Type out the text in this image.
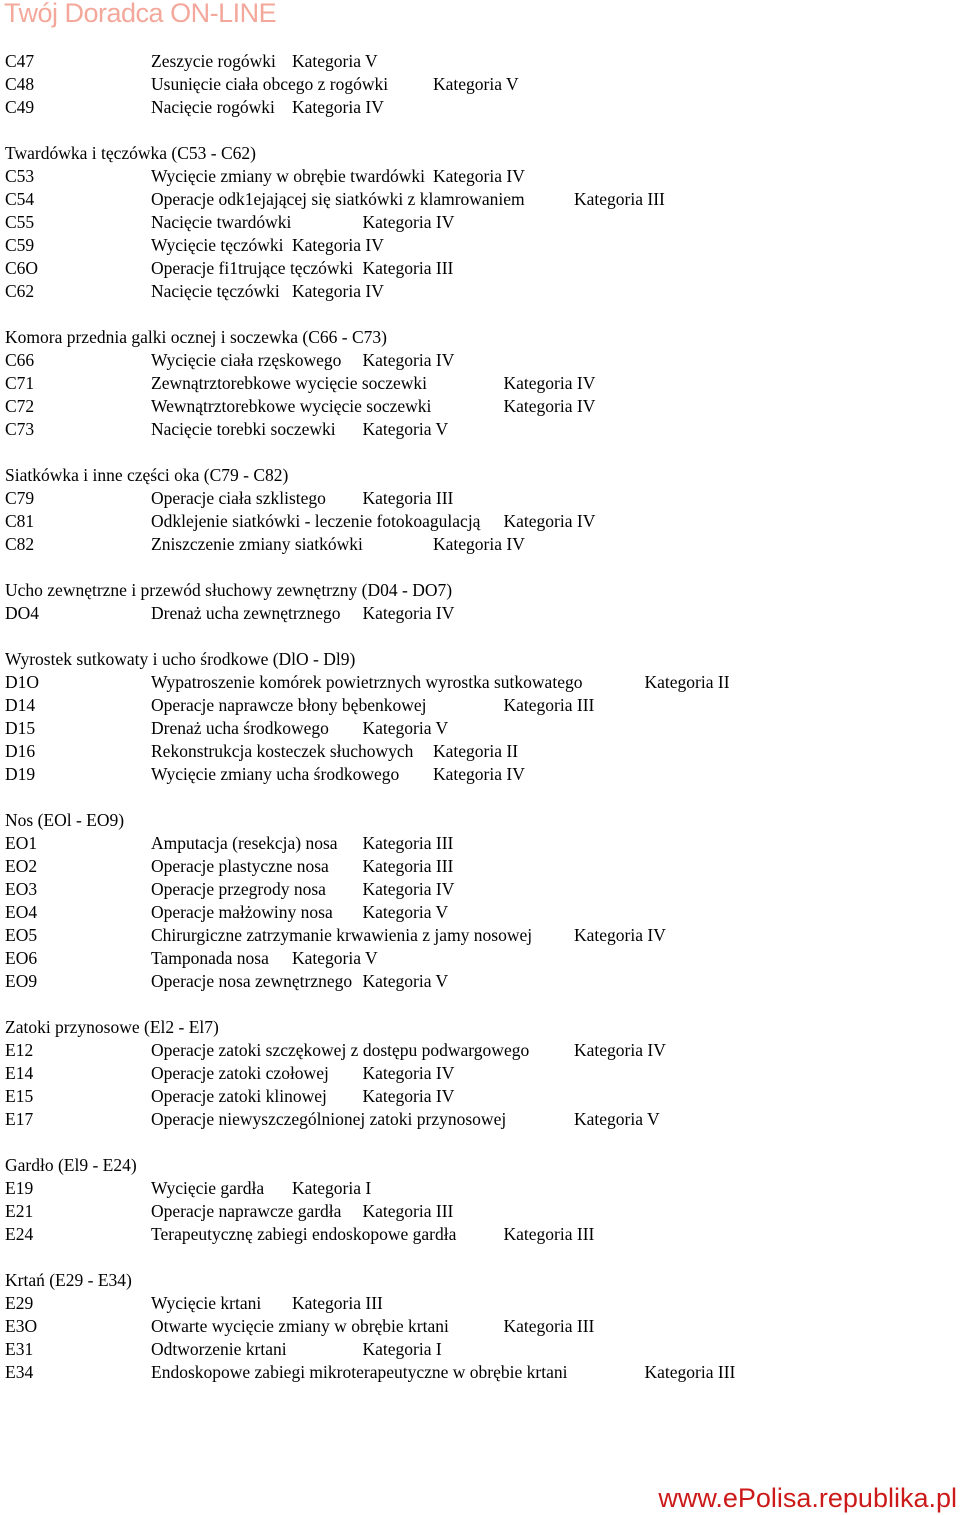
Twój Doradca ON-LINE
C47	Zeszycie rogówki Kategoria V
C48	Usunięcie ciała obcego z rogówki	Kategoria V
C49	Nacięcie rogówki Kategoria IV
Twardówka i tęczówka (C53 - C62)
C53	Wycięcie zmiany w obrębie twardówki Kategoria IV
C54	Operacje odk1ejającej się siatkówki z klamrowaniem	Kategoria III
C55	Nacięcie twardówki	Kategoria IV
C59	Wycięcie tęczówki Kategoria IV
C6O	Operacje fi1trujące tęczówki Kategoria III
C62	Nacięcie tęczówki Kategoria IV
Komora przednia galki ocznej i soczewka (C66 - C73)
C66	Wycięcie ciała rzęskowego Kategoria IV
C71	Zewnątrztorebkowe wycięcie soczewki	Kategoria IV
C72	Wewnątrztorebkowe wycięcie soczewki	Kategoria IV
C73	Nacięcie torebki soczewki Kategoria V
Siatkówka i inne części oka (C79 - C82)
C79	Operacje ciała szklistego Kategoria III
C81	Odklejenie siatkówki - leczenie fotokoagulacją Kategoria IV
C82	Zniszczenie zmiany siatkówki	Kategoria IV
Ucho zewnętrzne i przewód słuchowy zewnętrzny (D04 - DO7)
DO4	Drenaż ucha zewnętrznego Kategoria IV
Wyrostek sutkowaty i ucho środkowe (DlO - Dl9)
D1O	Wypatroszenie komórek powietrznych wyrostka sutkowatego	Kategoria II
D14	Operacje naprawcze błony bębenkowej	Kategoria III
D15	Drenaż ucha środkowego Kategoria V
D16	Rekonstrukcja kosteczek słuchowych Kategoria II
D19	Wycięcie zmiany ucha środkowego Kategoria IV
Nos (EOl - EO9)
EO1	Amputacja (resekcja) nosa Kategoria III
EO2	Operacje plastyczne nosa Kategoria III
EO3	Operacje przegrody nosa Kategoria IV
EO4	Operacje małżowiny nosa Kategoria V
EO5	Chirurgiczne zatrzymanie krwawienia z jamy nosowej Kategoria IV
EO6	Tamponada nosa Kategoria V
EO9	Operacje nosa zewnętrznego Kategoria V
Zatoki przynosowe (El2 - El7)
E12	Operacje zatoki szczękowej z dostępu podwargowego	Kategoria IV
E14	Operacje zatoki czołowej Kategoria IV
E15	Operacje zatoki klinowej Kategoria IV
E17	Operacje niewyszczególnionej zatoki przynosowej	Kategoria V
Gardło (El9 - E24)
E19	Wycięcie gardła Kategoria I
E21	Operacje naprawcze gardła Kategoria III
E24	Terapeutycznę zabiegi endoskopowe gardła	Kategoria III
Krtań (E29 - E34)
E29	Wycięcie krtani Kategoria III
E3O	Otwarte wycięcie zmiany w obrębie krtani	Kategoria III
E31	Odtworzenie krtani	Kategoria I
E34	Endoskopowe zabiegi mikroterapeutyczne w obrębie krtani	Kategoria III
www.ePolisa.republika.pl
